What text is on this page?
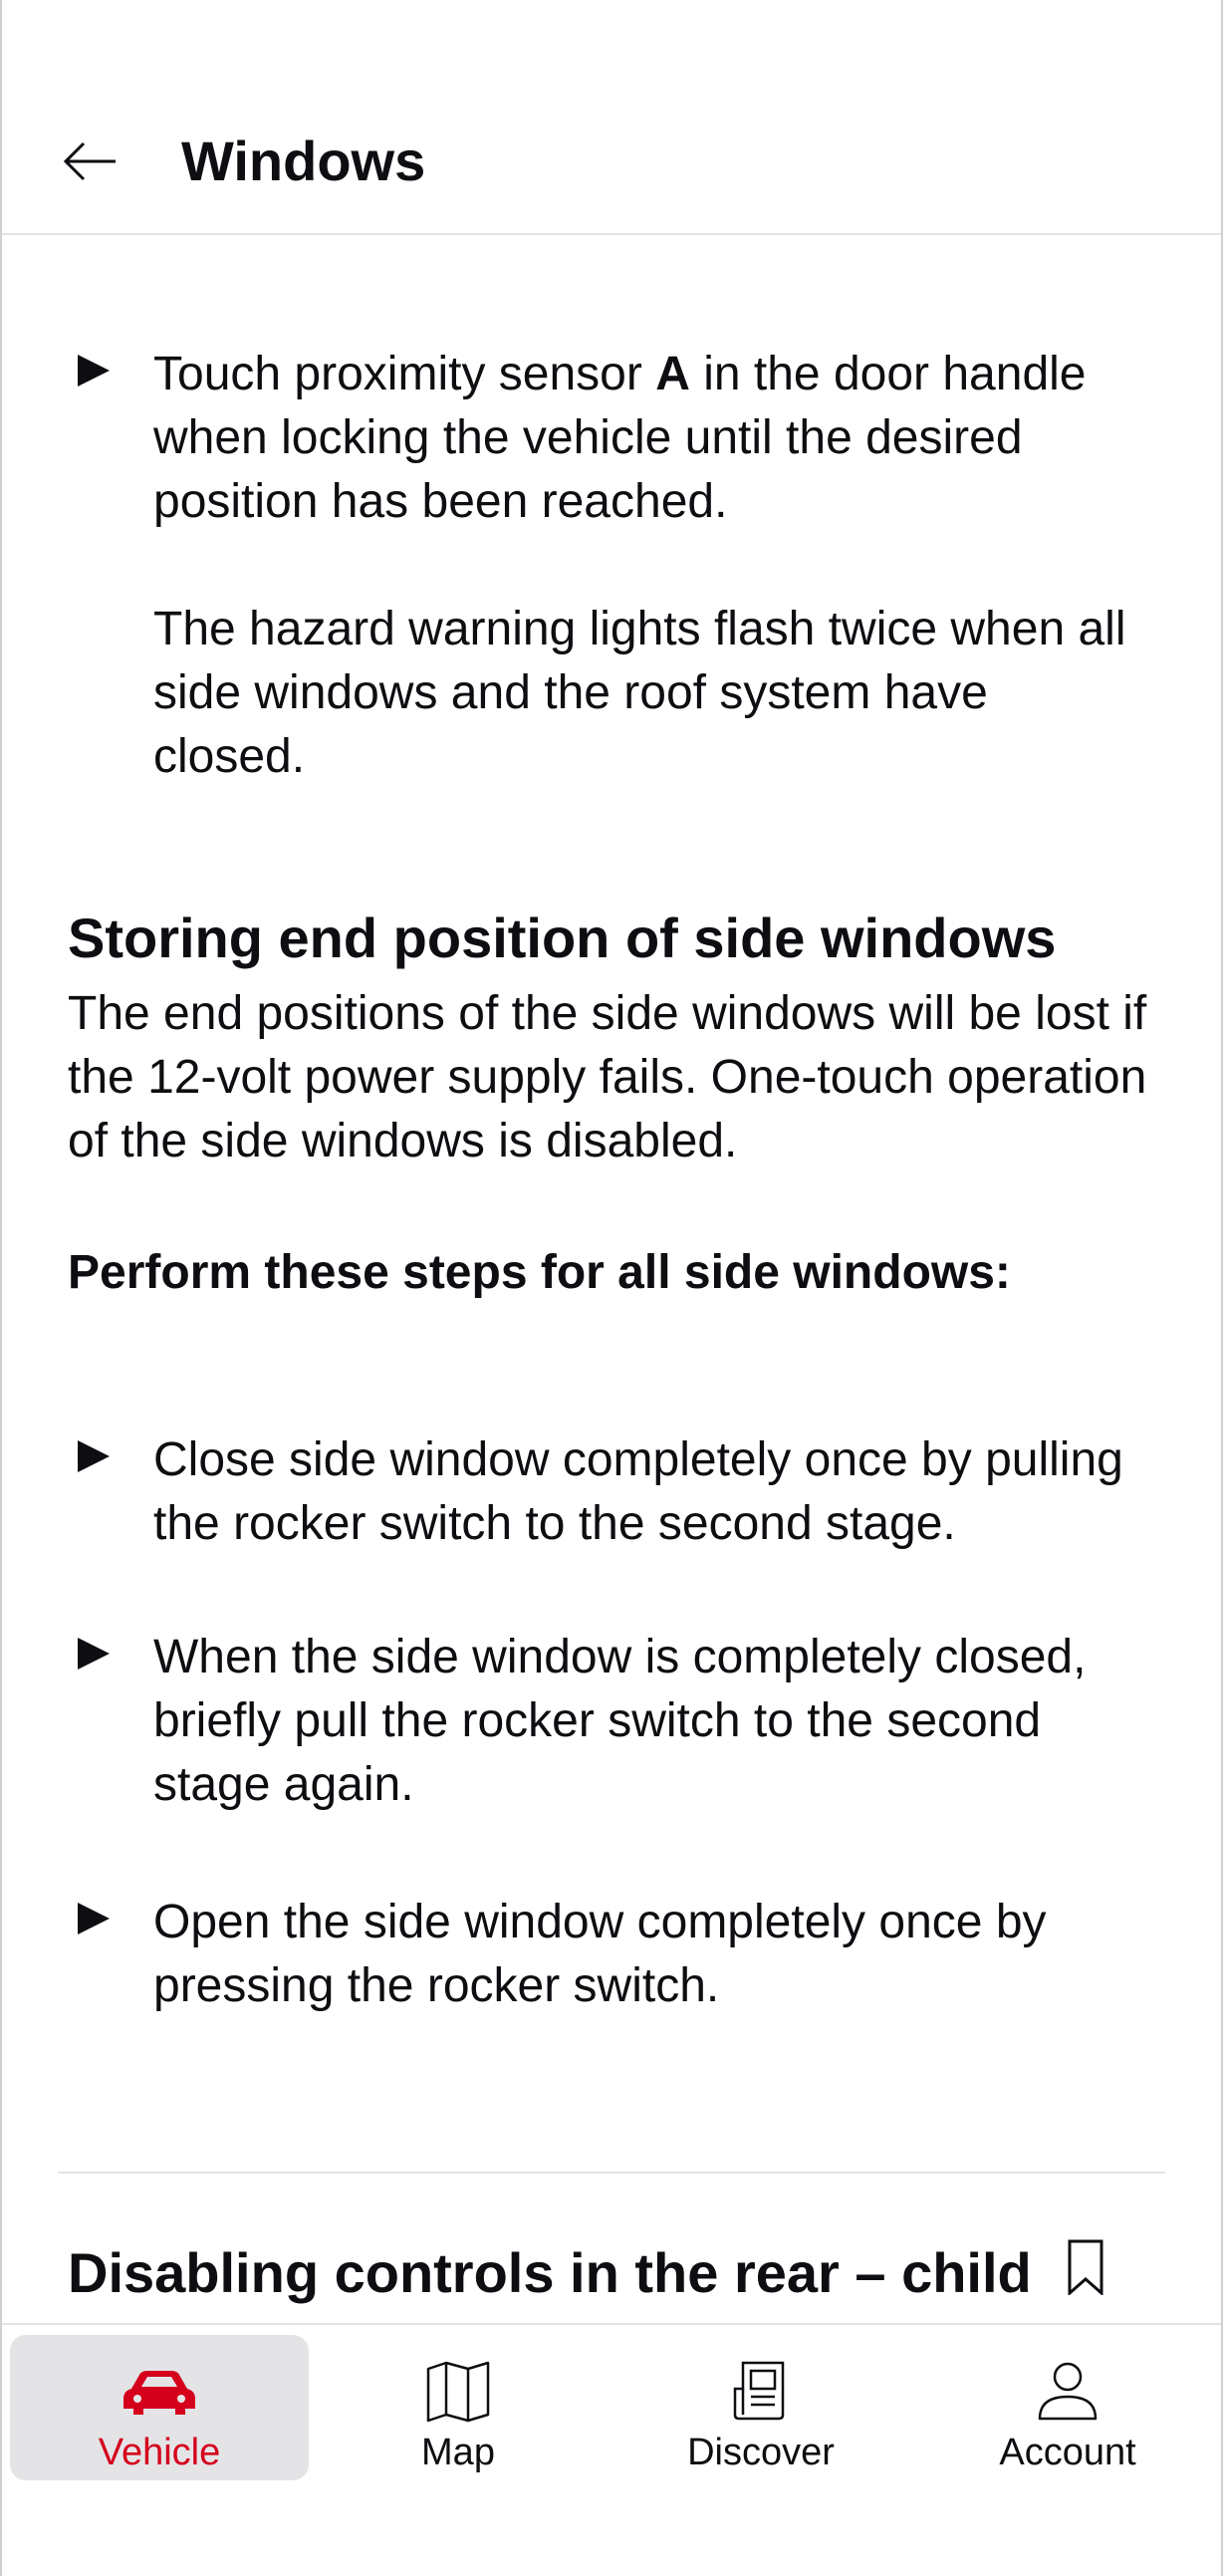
Windows
Touch proximity sensor A in the door handle
when locking the vehicle until the desired
position has been reached.
The hazard warning lights flash twice when all
side windows and the roof system have
closed.
Storing end position of side windows
The end positions of the side windows will be lost if
the 12-volt power supply fails. One-touch operation
of the side windows is disabled.
Perform these steps for all side windows:
Close side window completely once by pulling
the rocker switch to the second stage.
When the side window is completely closed,
briefly pull the rocker switch to the second
stage again.
Open the side window completely once by
pressing the rocker switch.
Disabling controls in the rear – child
Vehicle	Map	Discover	Account
